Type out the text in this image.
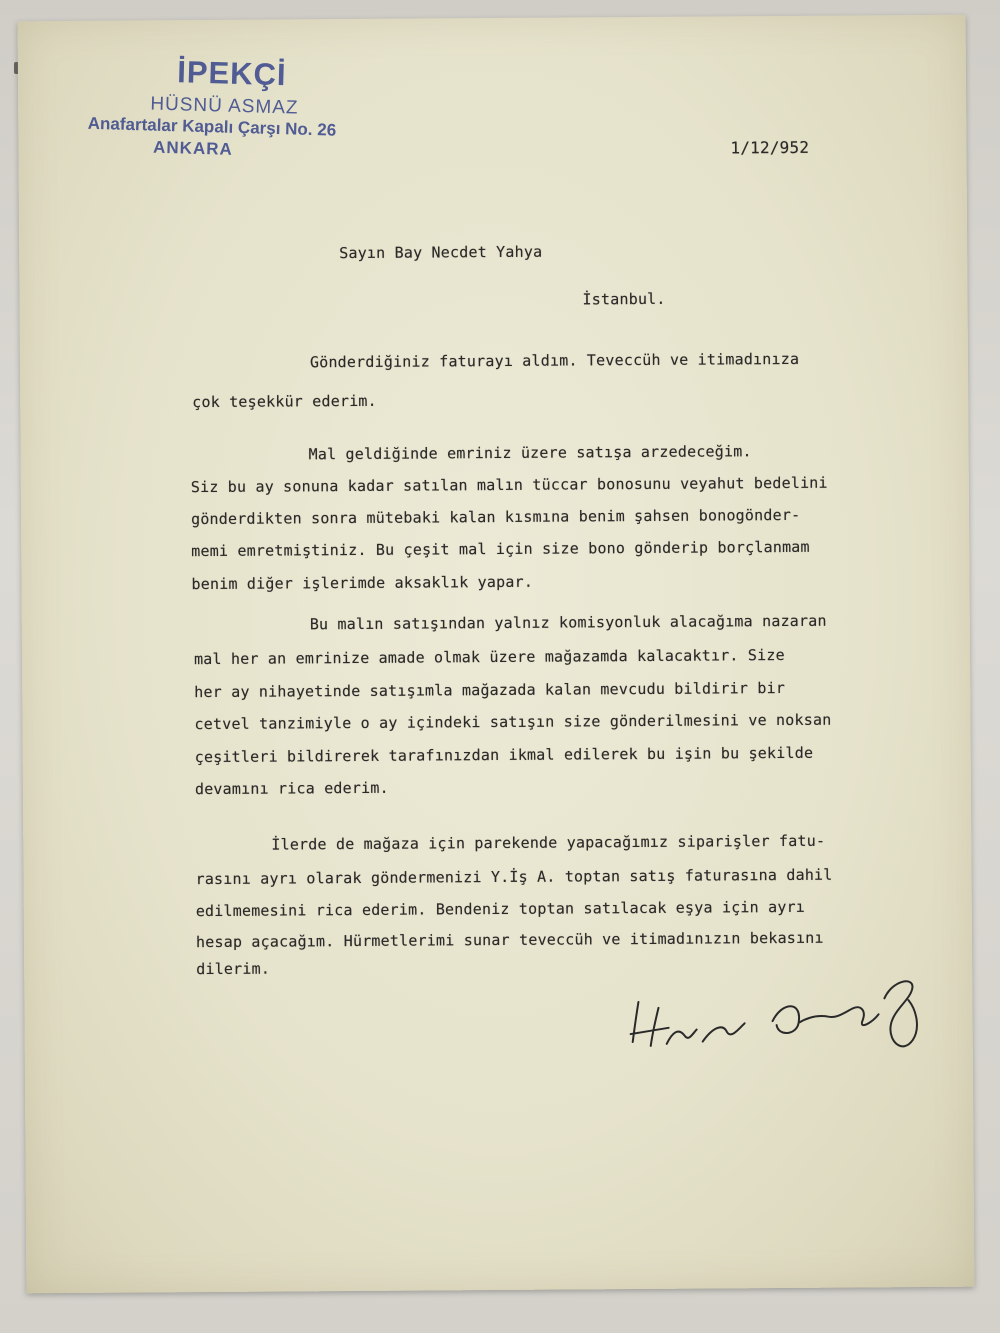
İPEKÇİ
HÜSNÜ ASMAZ
Anafartalar Kapalı Çarşı No. 26
ANKARA	1/12/952
Sayın Bay Necdet Yahya
İstanbul.
Gönderdiğiniz faturayı aldım. Teveccüh ve itimadınıza
çok teşekkür ederim.
Mal geldiğinde emriniz üzere satışa arzedeceğim.
Siz bu ay sonuna kadar satılan malın tüccar bonosunu veyahut bedelini
gönderdikten sonra mütebaki kalan kısmına benim şahsen bonogönder-
memi emretmiştiniz. Bu çeşit mal için size bono gönderip borçlanmam
benim diğer işlerimde aksaklık yapar.
Bu malın satışından yalnız komisyonluk alacağıma nazaran
mal her an emrinize amade olmak üzere mağazamda kalacaktır. Size
her ay nihayetinde satışımla mağazada kalan mevcudu bildirir bir
cetvel tanzimiyle o ay içindeki satışın size gönderilmesini ve noksan
çeşitleri bildirerek tarafınızdan ikmal edilerek bu işin bu şekilde
devamını rica ederim.
İlerde de mağaza için parekende yapacağımız siparişler fatu-
rasını ayrı olarak göndermenizi Y.İş A. toptan satış faturasına dahil
edilmemesini rica ederim. Bendeniz toptan satılacak eşya için ayrı
hesap açacağım. Hürmetlerimi sunar teveccüh ve itimadınızın bekasını
dilerim.
